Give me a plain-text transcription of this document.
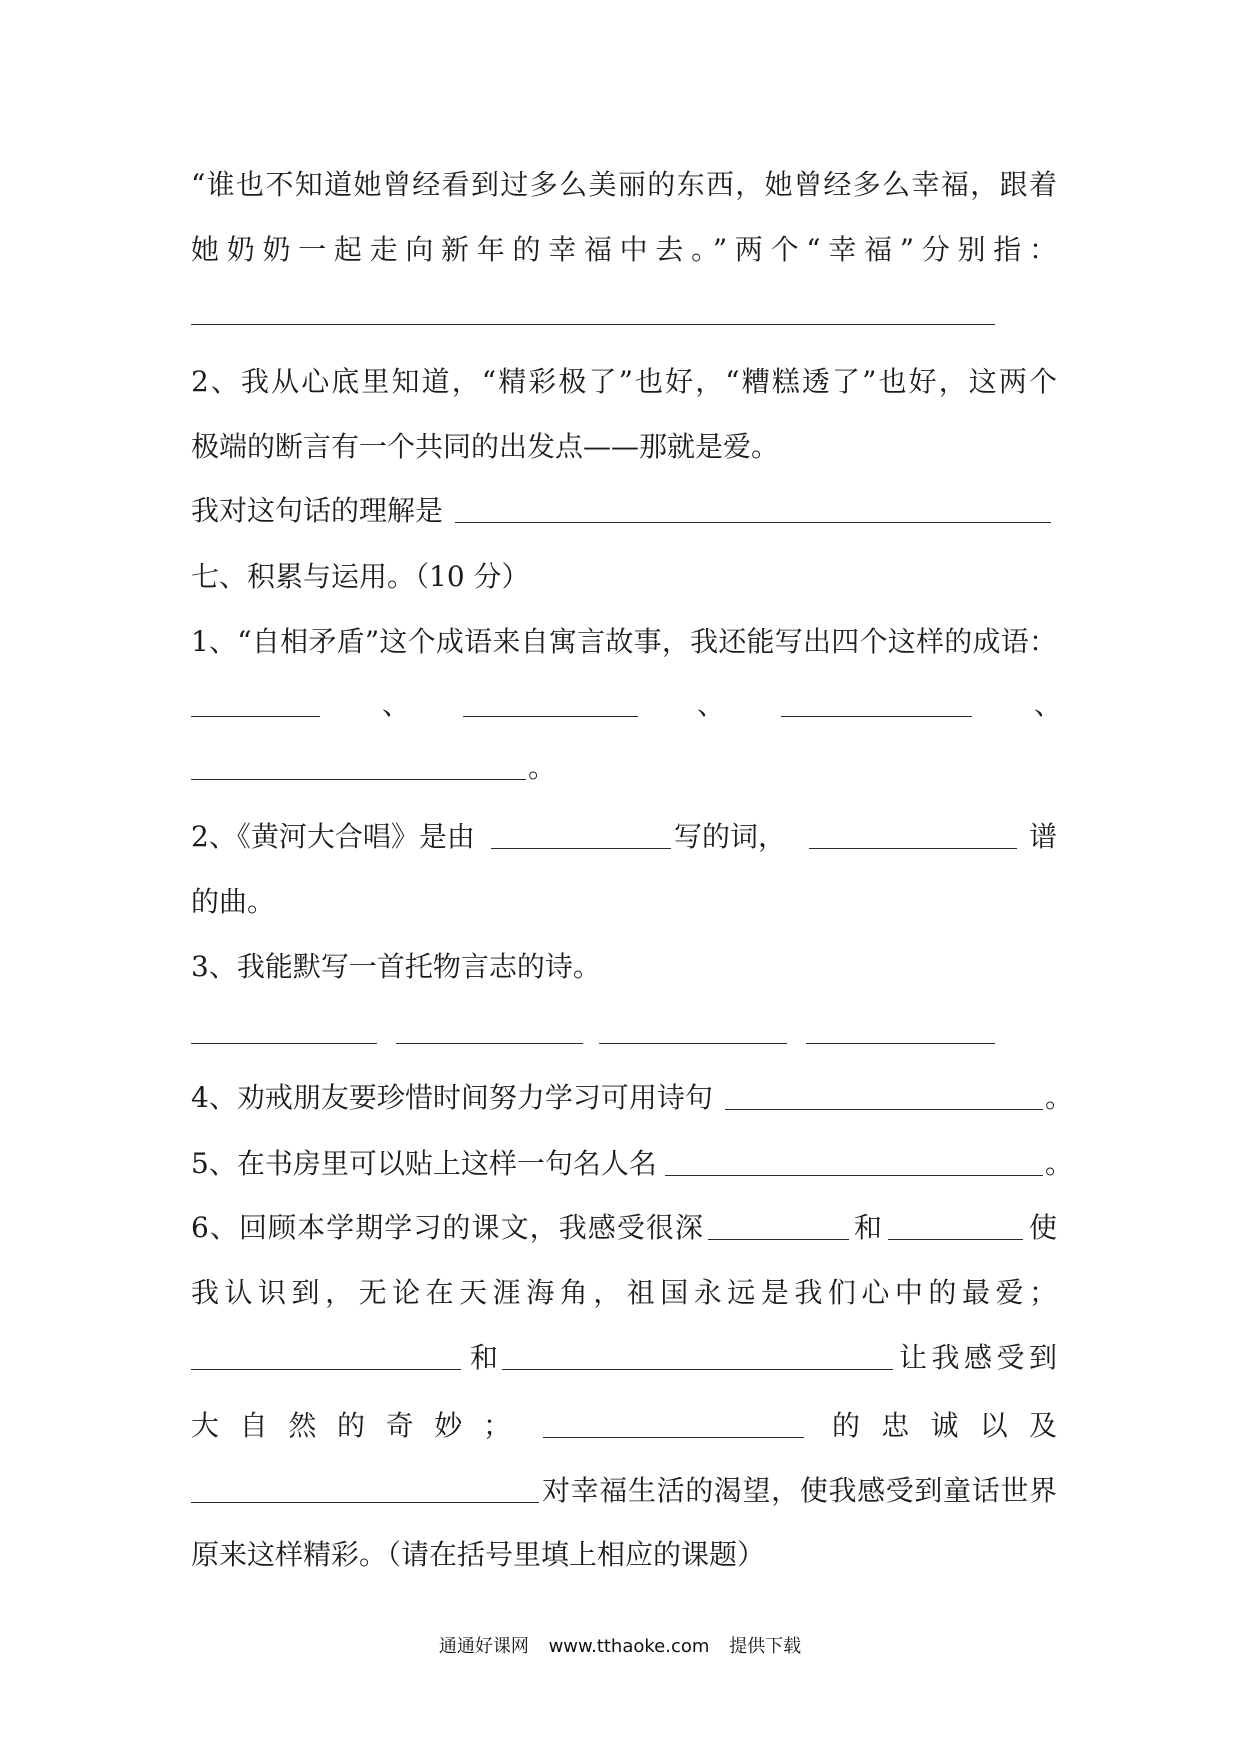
“谁也不知道她曾经看到过多么美丽的东西，她曾经多么幸福，跟着
她奶奶一起走向新年的幸福中去。”两个“幸福”分别指：
2、我从心底里知道，“精彩极了”也好，“糟糕透了”也好，这两个
极端的断言有一个共同的出发点——那就是爱。
我对这句话的理解是
七、积累与运用。（10 分）
1、“自相矛盾”这个成语来自寓言故事，我还能写出四个这样的成语：
、	、	、
。
2、《黄河大合唱》是由	写的词，	谱
的曲。
3、我能默写一首托物言志的诗。
4、劝戒朋友要珍惜时间努力学习可用诗句	。
5、在书房里可以贴上这样一句名人名	。
6、回顾本学期学习的课文，我感受很深	和	使
我认识到，无论在天涯海角，祖国永远是我们心中的最爱；
和	让我感受到
大自然的奇妙；	的忠诚以及
对幸福生活的渴望，使我感受到童话世界
原来这样精彩。（请在括号里填上相应的课题）
通通好课网 www.tthaoke.com 提供下载
